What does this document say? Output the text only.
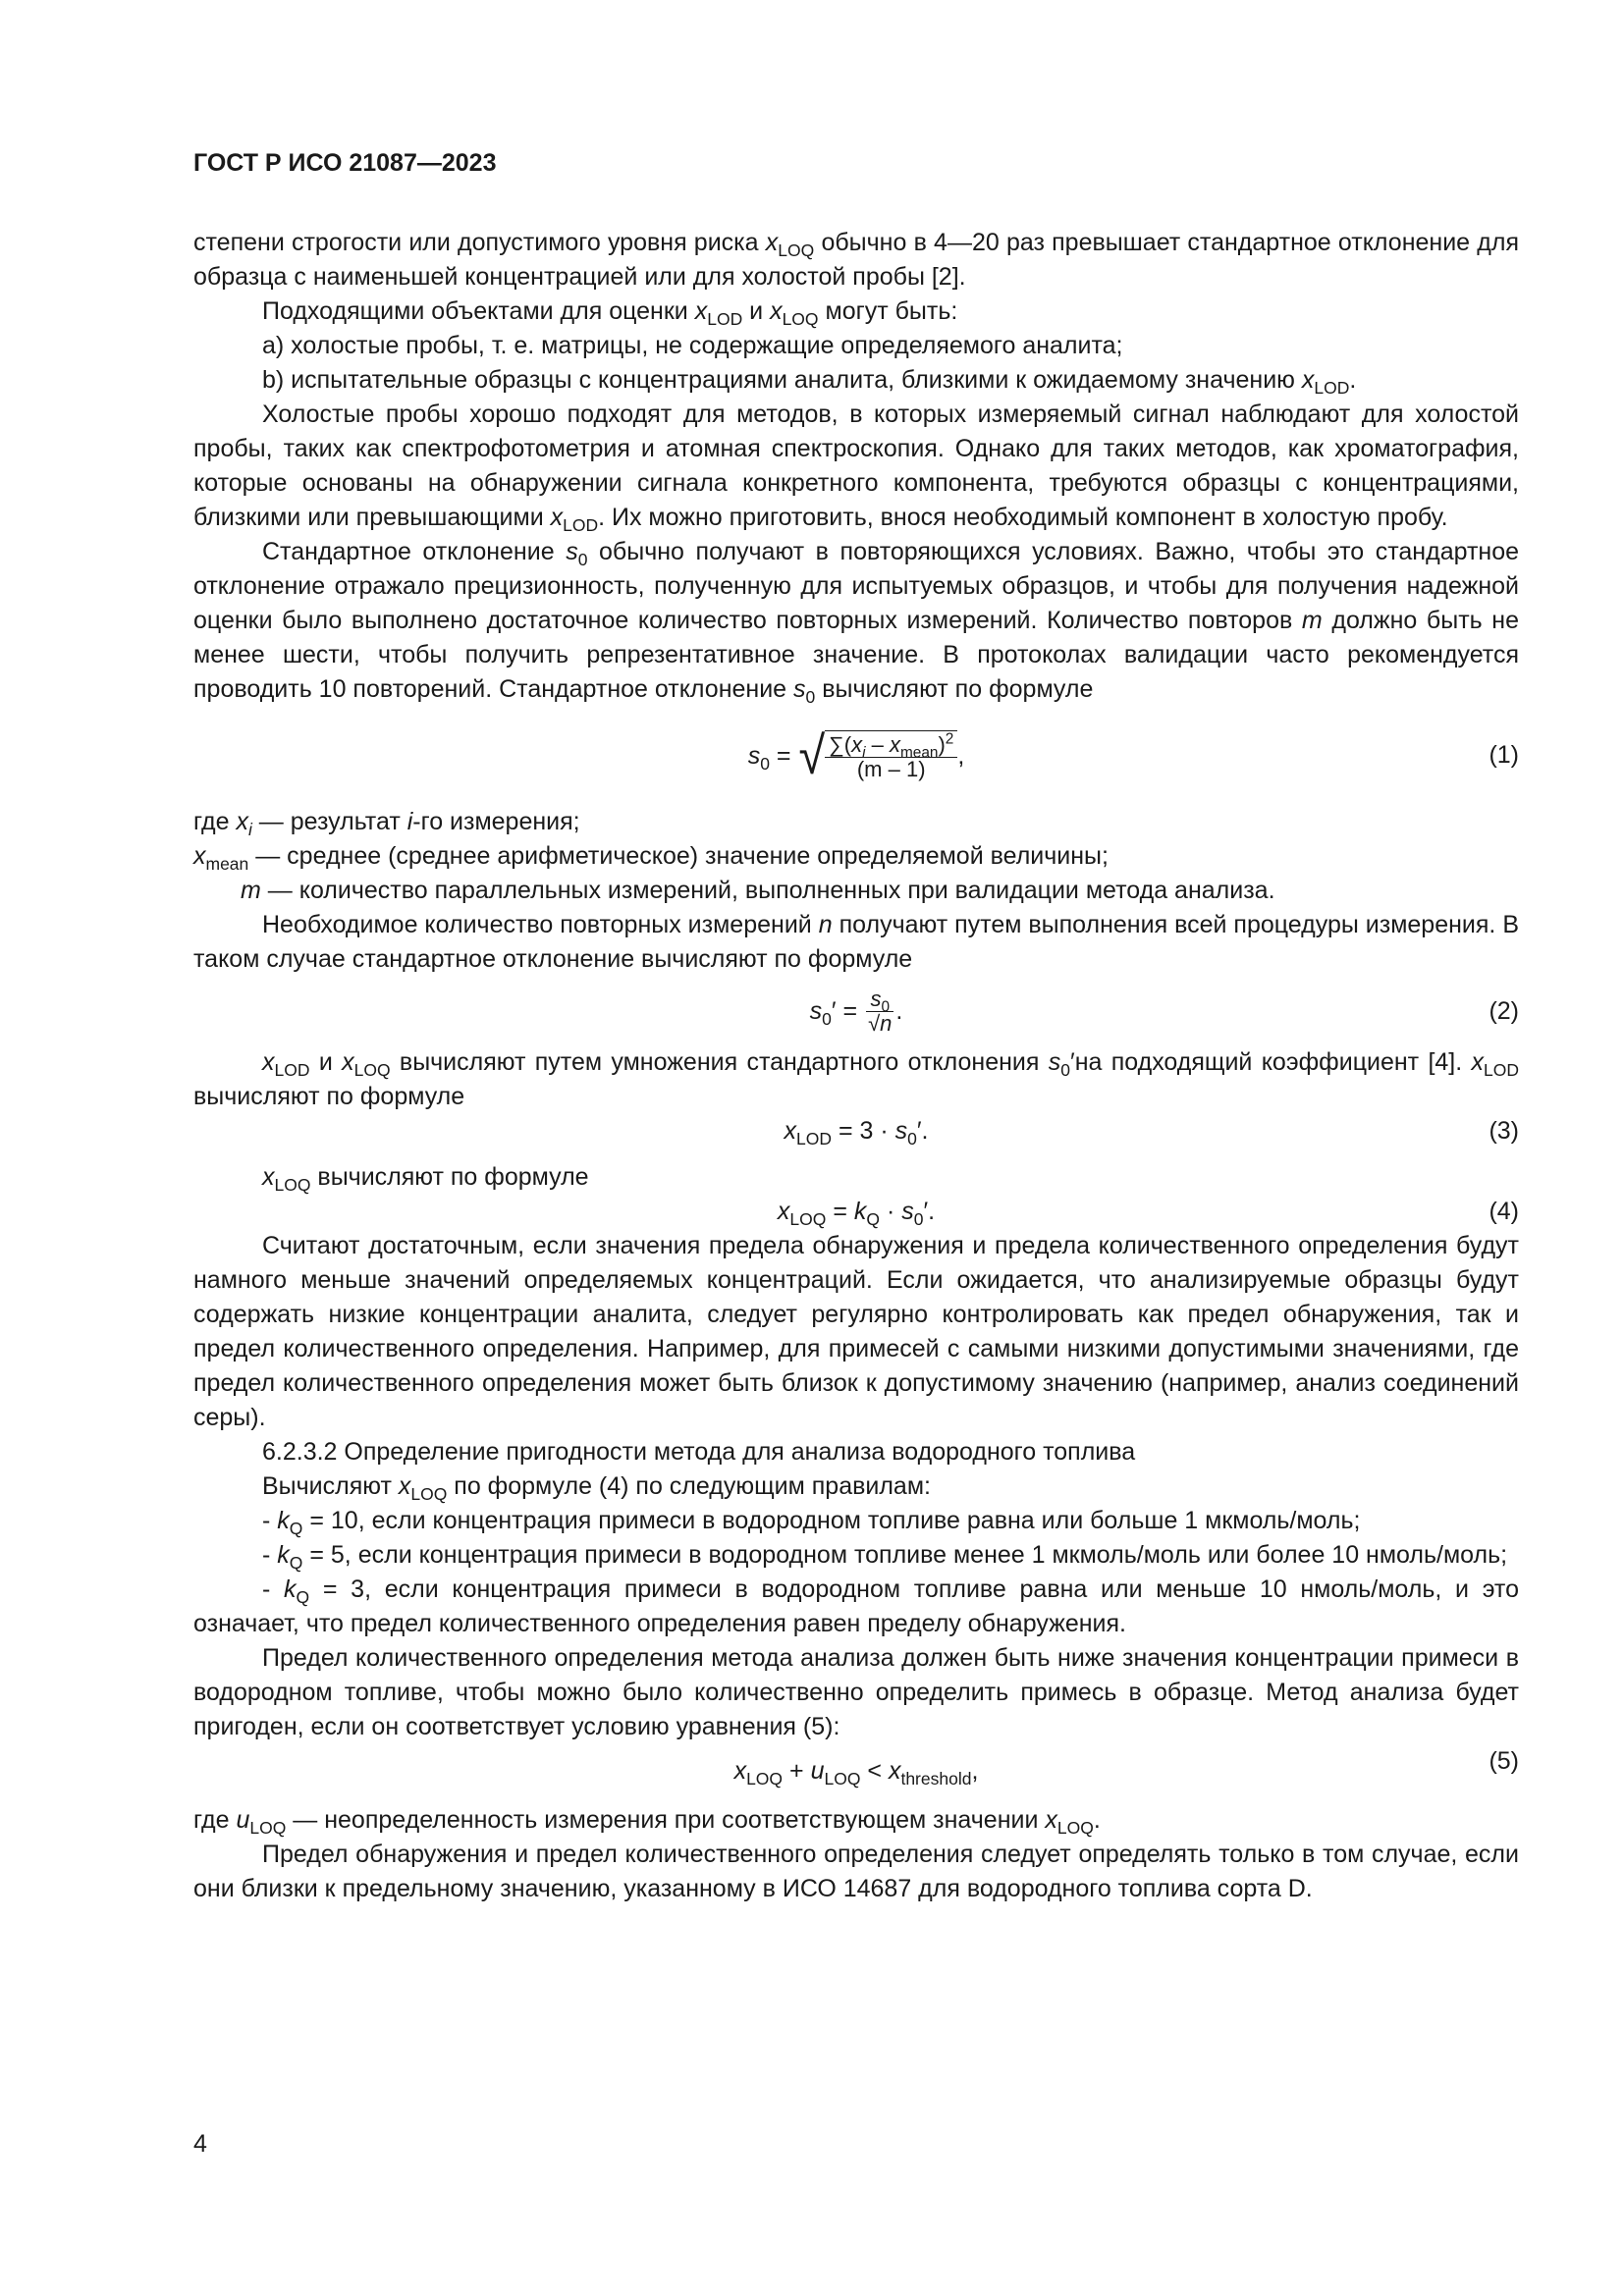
ГОСТ Р ИСО 21087—2023

степени строгости или допустимого уровня риска $x_{LOQ}$ обычно в 4—20 раз превышает стандартное отклонение для образца с наименьшей концентрацией или для холостой пробы [2].

Подходящими объектами для оценки $x_{LOD}$ и $x_{LOQ}$ могут быть:

a) холостые пробы, т. е. матрицы, не содержащие определяемого аналита;

b) испытательные образцы с концентрациями аналита, близкими к ожидаемому значению $x_{LOD}$.

Холостые пробы хорошо подходят для методов, в которых измеряемый сигнал наблюдают для холостой пробы, таких как спектрофотометрия и атомная спектроскопия. Однако для таких методов, как хроматография, которые основаны на обнаружении сигнала конкретного компонента, требуются образцы с концентрациями, близкими или превышающими $x_{LOD}$. Их можно приготовить, внося необходимый компонент в холостую пробу.

Стандартное отклонение $s_0$ обычно получают в повторяющихся условиях. Важно, чтобы это стандартное отклонение отражало прецизионность, полученную для испытуемых образцов, и чтобы для получения надежной оценки было выполнено достаточное количество повторных измерений. Количество повторов m должно быть не менее шести, чтобы получить репрезентативное значение. В протоколах валидации часто рекомендуется проводить 10 повторений. Стандартное отклонение $s_0$ вычисляют по формуле

$s_0$ = √ $\frac{\sum(x_i - x_{mean})^2}{(m - 1)}$ ,	(1)

где $x_i$ — результат i-го измерения;

$x_{mean}$ — среднее (среднее арифметическое) значение определяемой величины;

m — количество параллельных измерений, выполненных при валидации метода анализа.

Необходимое количество повторных измерений n получают путем выполнения всей процедуры измерения. В таком случае стандартное отклонение вычисляют по формуле

$s_0' = \frac{s_0}{√n}$ .	(2)

$x_{LOD}$ и $x_{LOQ}$ вычисляют путем умножения стандартного отклонения $s_0'на$ подходящий коэффициент [4]. $x_{LOD}$ вычисляют по формуле

$x_{LOD} = 3 \cdot s_0'$.	(3)

$x_{LOQ}$ вычисляют по формуле

$x_{LOQ} = k_Q \cdot s_0'$.	(4)

Считают достаточным, если значения предела обнаружения и предела количественного определения будут намного меньше значений определяемых концентраций. Если ожидается, что анализируемые образцы будут содержать низкие концентрации аналита, следует регулярно контролировать как предел обнаружения, так и предел количественного определения. Например, для примесей с самыми низкими допустимыми значениями, где предел количественного определения может быть близок к допустимому значению (например, анализ соединений серы).

6.2.3.2 Определение пригодности метода для анализа водородного топлива

Вычисляют $x_{LOQ}$ по формуле (4) по следующим правилам:

- $k_Q = 10$, если концентрация примеси в водородном топливе равна или больше 1 мкмоль/моль;

- $k_Q = 5$, если концентрация примеси в водородном топливе менее 1 мкмоль/моль или более 10 нмоль/моль;

- $k_Q = 3$, если концентрация примеси в водородном топливе равна или меньше 10 нмоль/моль, и это означает, что предел количественного определения равен пределу обнаружения.

Предел количественного определения метода анализа должен быть ниже значения концентрации примеси в водородном топливе, чтобы можно было количественно определить примесь в образце. Метод анализа будет пригоден, если он соответствует условию уравнения (5):

$x_{LOQ} + u_{LOQ} < x_{threshold}$,	(5)

где $u_{LOQ}$ — неопределенность измерения при соответствующем значении $x_{LOQ}$.

Предел обнаружения и предел количественного определения следует определять только в том случае, если они близки к предельному значению, указанному в ИСО 14687 для водородного топлива сорта D.

4
